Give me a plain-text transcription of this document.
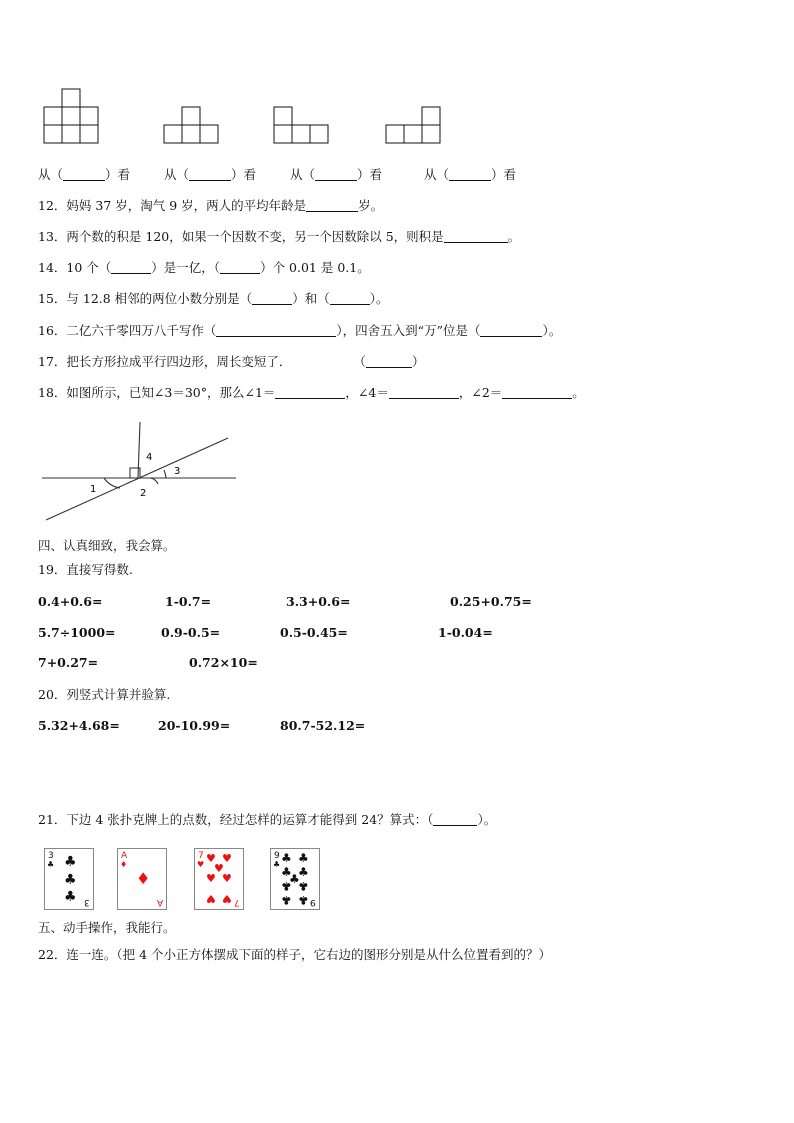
从（	）看	从（	）看	从（	）看	从（	）看
12．妈妈 37 岁，淘气 9 岁，两人的平均年龄是	岁。
13．两个数的积是 120，如果一个因数不变，另一个因数除以 5，则积是	。
14．10 个（	）是一亿，（	）个 0.01 是 0.1。
15．与 12.8 相邻的两位小数分别是（	）和（	）。
16．二亿六千零四万八千写作（	），四舍五入到“万”位是（	）。
17．把长方形拉成平行四边形，周长变短了．	（	）
18．如图所示，已知∠3＝30°，那么∠1＝	，∠4＝	，∠2＝	。
4
3
1	2
四、认真细致，我会算。
19．直接写得数.
0.4+0.6=	1-0.7=	3.3+0.6=	0.25+0.75=
5.7÷1000=	0.9-0.5=	0.5-0.45=	1-0.04=
7+0.27=	0.72×10=
20．列竖式计算并验算.
5.32+4.68=	20-10.99=	80.7-52.12=
21．下边 4 张扑克牌上的点数，经过怎样的运算才能得到 24？算式：（	）。
3
♣ ♣
♣
♣ 3
A
♦
♦
A
7
♥ ♥ ♥
♥
♥ ♥
♥ ♥ 7
9
♣ ♣ ♣
♣ ♣
♣
♣ ♣
♣ ♣ 9
五、动手操作，我能行。
22．连一连。（把 4 个小正方体摆成下面的样子，它右边的图形分别是从什么位置看到的？）
